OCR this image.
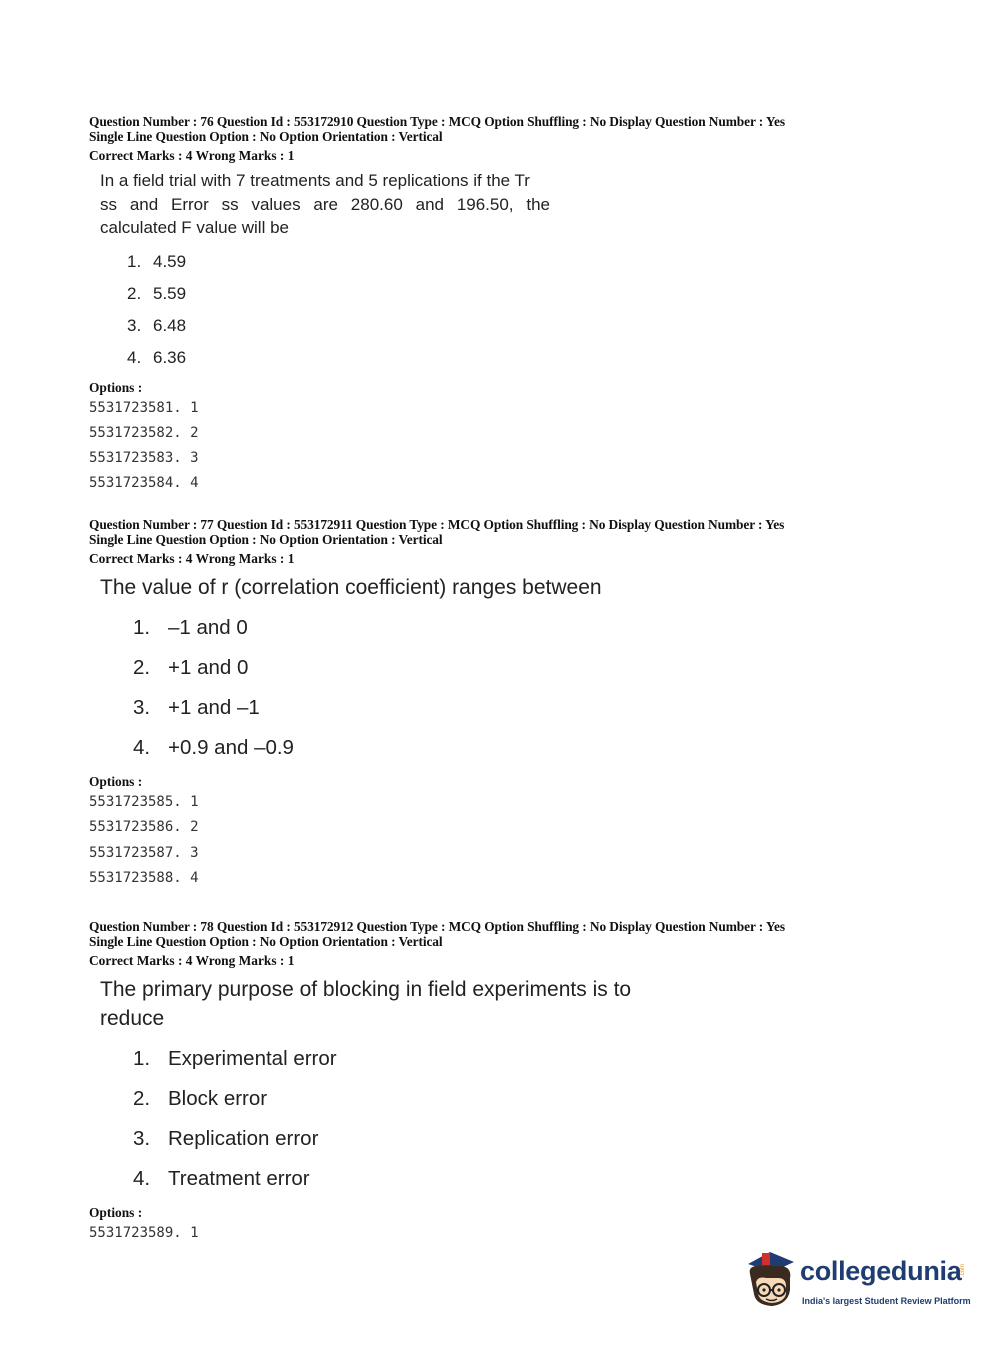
Question Number : 76 Question Id : 553172910 Question Type : MCQ Option Shuffling : No Display Question Number : Yes
Single Line Question Option : No Option Orientation : Vertical
Correct Marks : 4 Wrong Marks : 1
In a field trial with 7 treatments and 5 replications if the Tr
ss and Error ss values are 280.60 and 196.50, the
calculated F value will be
1. 4.59
2. 5.59
3. 6.48
4. 6.36
Options :
5531723581. 1
5531723582. 2
5531723583. 3
5531723584. 4
Question Number : 77 Question Id : 553172911 Question Type : MCQ Option Shuffling : No Display Question Number : Yes
Single Line Question Option : No Option Orientation : Vertical
Correct Marks : 4 Wrong Marks : 1
The value of r (correlation coefficient) ranges between
1. –1 and 0
2. +1 and 0
3. +1 and –1
4. +0.9 and –0.9
Options :
5531723585. 1
5531723586. 2
5531723587. 3
5531723588. 4
Question Number : 78 Question Id : 553172912 Question Type : MCQ Option Shuffling : No Display Question Number : Yes
Single Line Question Option : No Option Orientation : Vertical
Correct Marks : 4 Wrong Marks : 1
The primary purpose of blocking in field experiments is to
reduce
1. Experimental error
2. Block error
3. Replication error
4. Treatment error
Options :
5531723589. 1
collegedunia
.com
India's largest Student Review Platform
